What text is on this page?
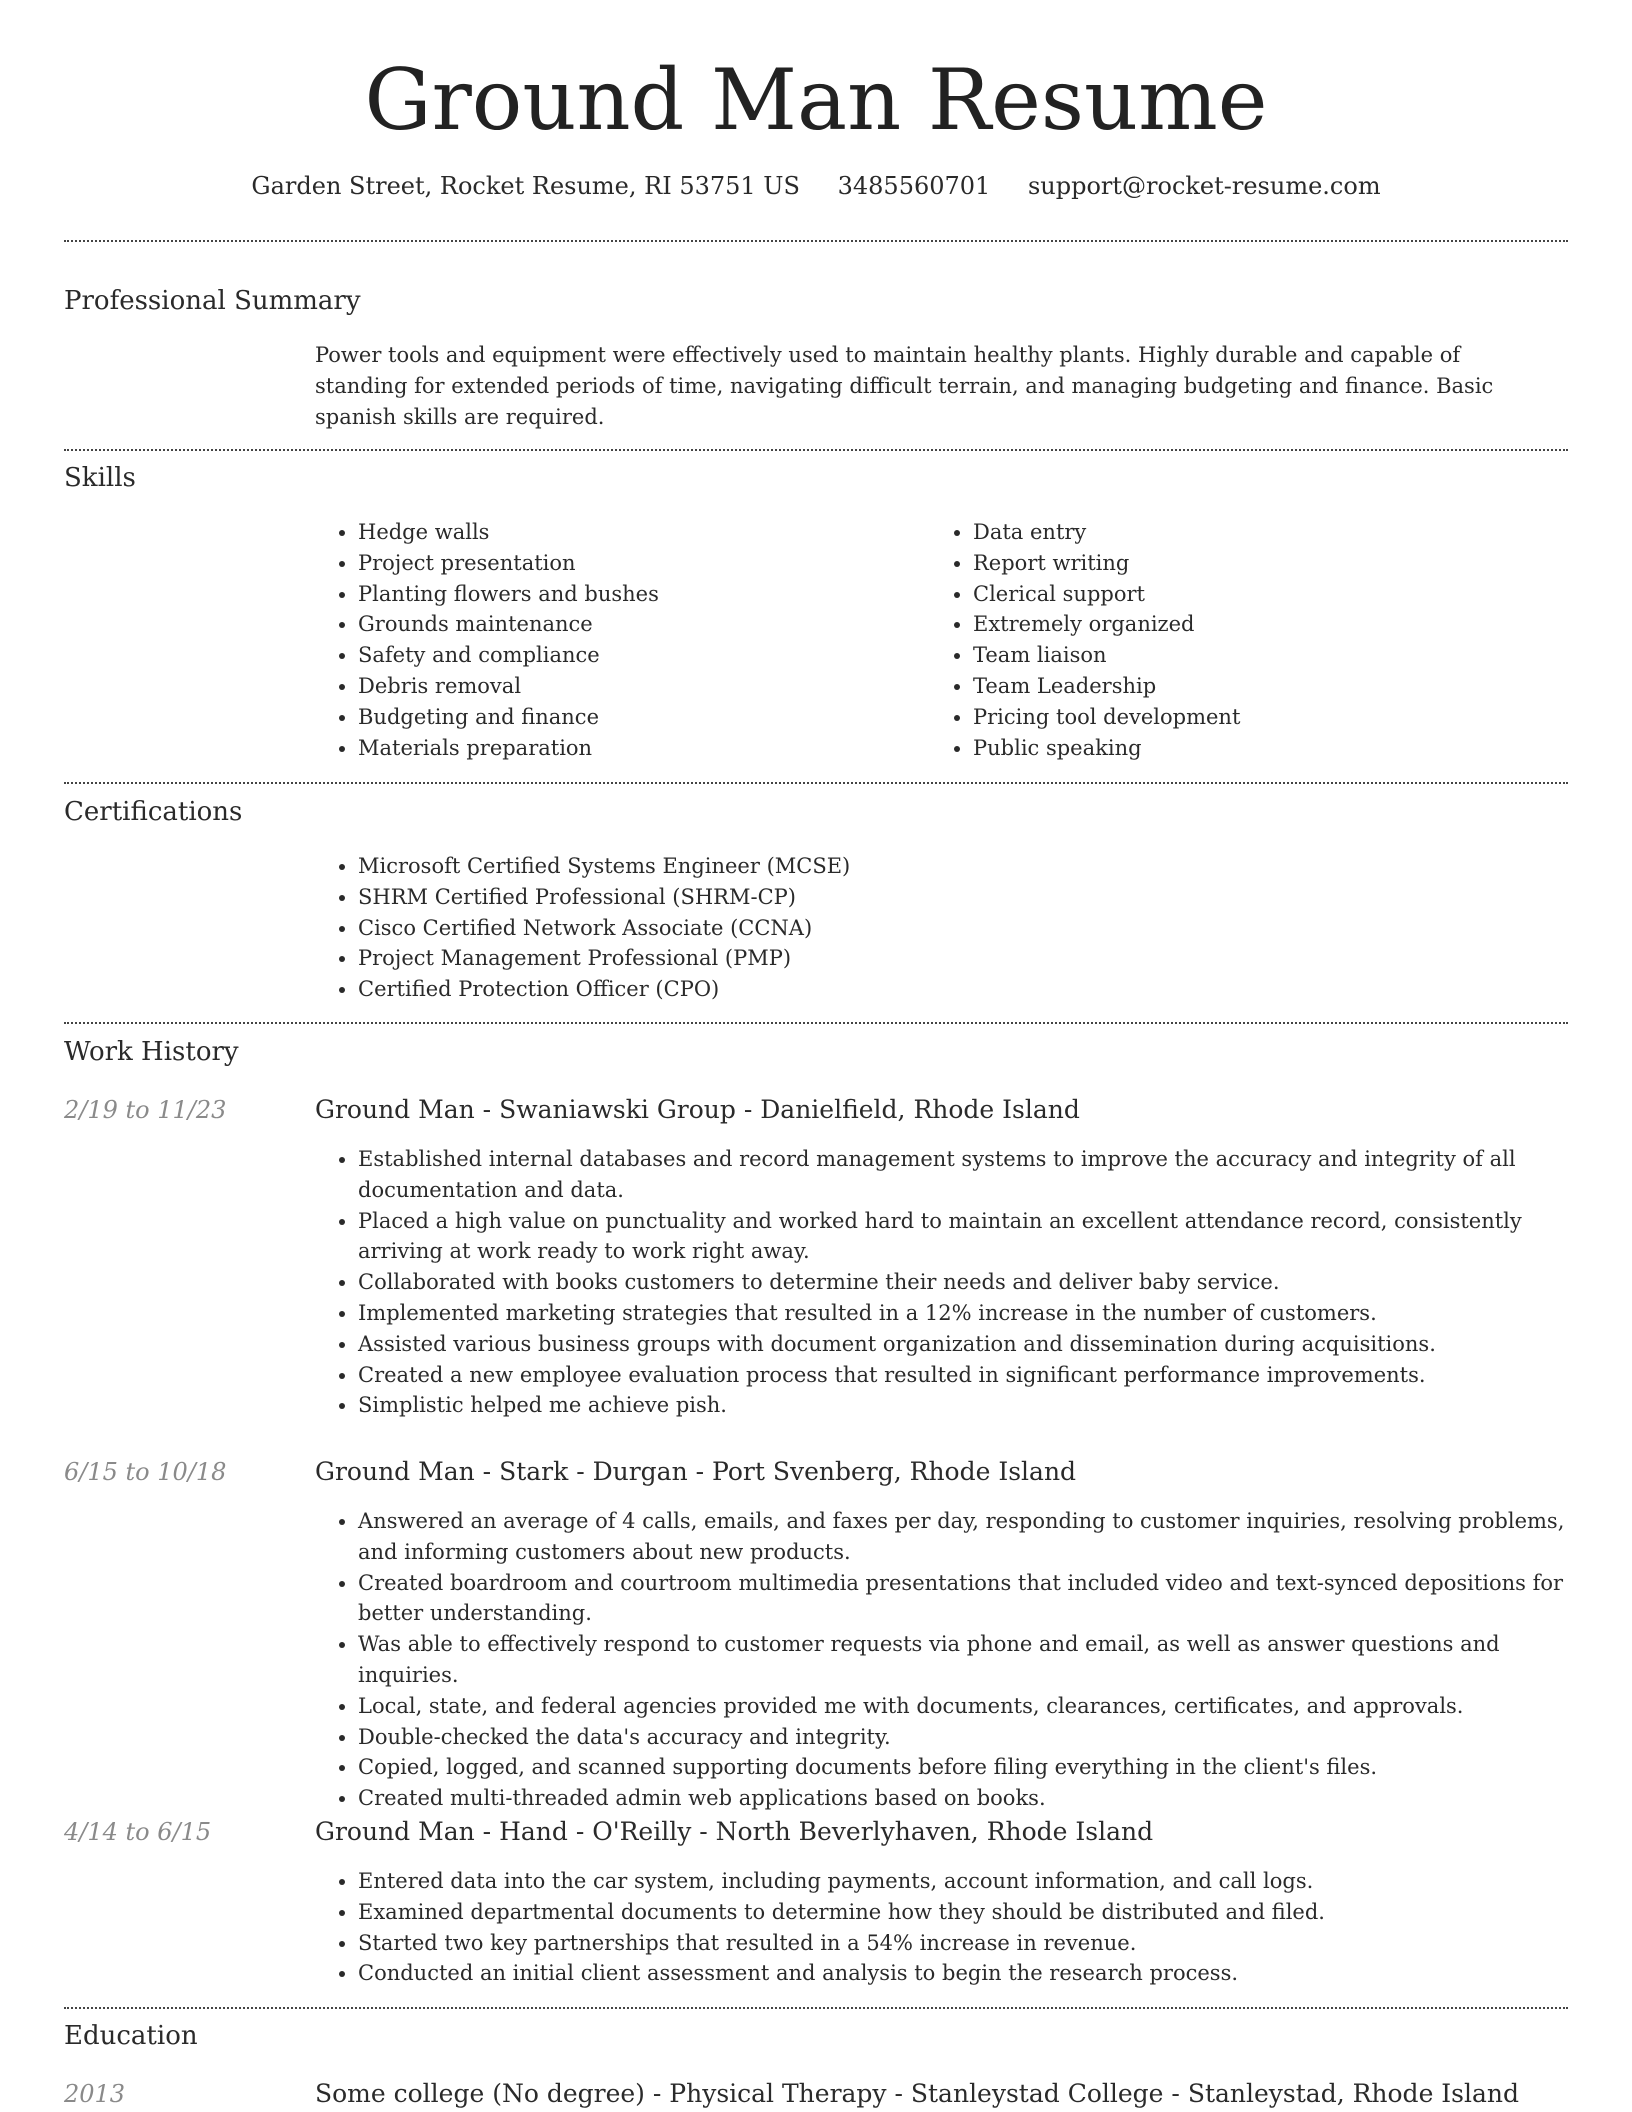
Ground Man Resume
Garden Street, Rocket Resume, RI 53751 US 3485560701 support@rocket-resume.com
Professional Summary
Power tools and equipment were effectively used to maintain healthy plants. Highly durable and capable of standing for extended periods of time, navigating difficult terrain, and managing budgeting and finance. Basic spanish skills are required.
Skills
• Hedge walls
• Project presentation
• Planting flowers and bushes
• Grounds maintenance
• Safety and compliance
• Debris removal
• Budgeting and finance
• Materials preparation
• Data entry
• Report writing
• Clerical support
• Extremely organized
• Team liaison
• Team Leadership
• Pricing tool development
• Public speaking
Certifications
• Microsoft Certified Systems Engineer (MCSE)
• SHRM Certified Professional (SHRM-CP)
• Cisco Certified Network Associate (CCNA)
• Project Management Professional (PMP)
• Certified Protection Officer (CPO)
Work History
2/19 to 11/23	Ground Man - Swaniawski Group - Danielfield, Rhode Island
• Established internal databases and record management systems to improve the accuracy and integrity of all documentation and data.
• Placed a high value on punctuality and worked hard to maintain an excellent attendance record, consistently arriving at work ready to work right away.
• Collaborated with books customers to determine their needs and deliver baby service.
• Implemented marketing strategies that resulted in a 12% increase in the number of customers.
• Assisted various business groups with document organization and dissemination during acquisitions.
• Created a new employee evaluation process that resulted in significant performance improvements.
• Simplistic helped me achieve pish.
6/15 to 10/18	Ground Man - Stark - Durgan - Port Svenberg, Rhode Island
• Answered an average of 4 calls, emails, and faxes per day, responding to customer inquiries, resolving problems, and informing customers about new products.
• Created boardroom and courtroom multimedia presentations that included video and text-synced depositions for better understanding.
• Was able to effectively respond to customer requests via phone and email, as well as answer questions and inquiries.
• Local, state, and federal agencies provided me with documents, clearances, certificates, and approvals.
• Double-checked the data's accuracy and integrity.
• Copied, logged, and scanned supporting documents before filing everything in the client's files.
• Created multi-threaded admin web applications based on books.
4/14 to 6/15	Ground Man - Hand - O'Reilly - North Beverlyhaven, Rhode Island
• Entered data into the car system, including payments, account information, and call logs.
• Examined departmental documents to determine how they should be distributed and filed.
• Started two key partnerships that resulted in a 54% increase in revenue.
• Conducted an initial client assessment and analysis to begin the research process.
Education
2013	Some college (No degree) - Physical Therapy - Stanleystad College - Stanleystad, Rhode Island
